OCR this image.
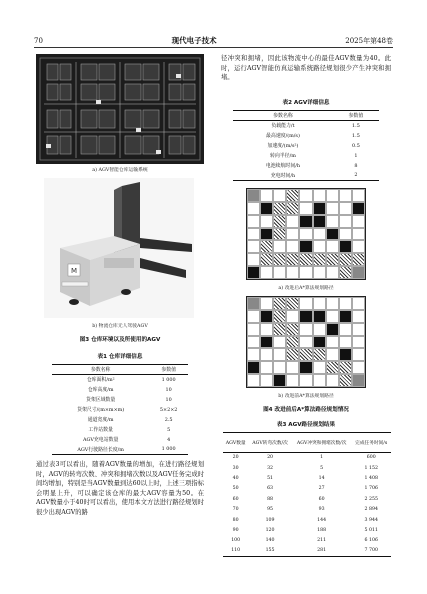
70	现代电子技术	2025年第48卷
a) AGV智能仓库运输系统
M
b) 物流仓库无人驾驶AGV
图3 仓库环境以及所使用的AGV
表1 仓库详细信息
参数名称	参数值
仓库面积/m²	1 000
仓库高度/m	10
货架区域数量	10
货架尺寸/(m×m×m)	5×2×2
通道宽度/m	2.5
工作站数量	5
AGV充电站数量	4
AGV行驶路径长度/m	1 000
通过表3可以看出，随着AGV数量的增加，在进行路径规划时，AGV的转弯次数、冲突和拥堵次数以及AGV任务完成时间均增加，特别是当AGV数量到达60以上时，上述三项指标会明显上升，可以确定该仓库的最大AGV容量为50。在AGV数量小于40时可以看出，使用本文方法进行路径规划时很少出现AGV的路
径冲突和拥堵，因此该物流中心的最佳AGV数量为40。此时，运行AGV智能仿真运输系统路径规划很少产生冲突和拥堵。
表2 AGV详细信息
参数名称	参数值
负载能力/t	1.5
最高速度/(m/s)	1.5
加速度/(m/s²)	0.5
转向半径/m	1
电池续航时间/h	8
充电时间/h	2
a) 改进后A*算法规划路径
b) 改进前A*算法规划路径
图4 改进前后A*算法路径规划情况
表3 AGV路径规划结果
AGV数量	AGV转弯次数/次	AGV冲突和拥堵次数/次	完成任务时间/s
20	20	1	600
30	32	5	1 152
40	51	14	1 408
50	63	27	1 706
60	88	60	2 255
70	95	93	2 894
80	109	144	3 944
90	120	188	5 011
100	140	211	6 106
110	155	281	7 700
